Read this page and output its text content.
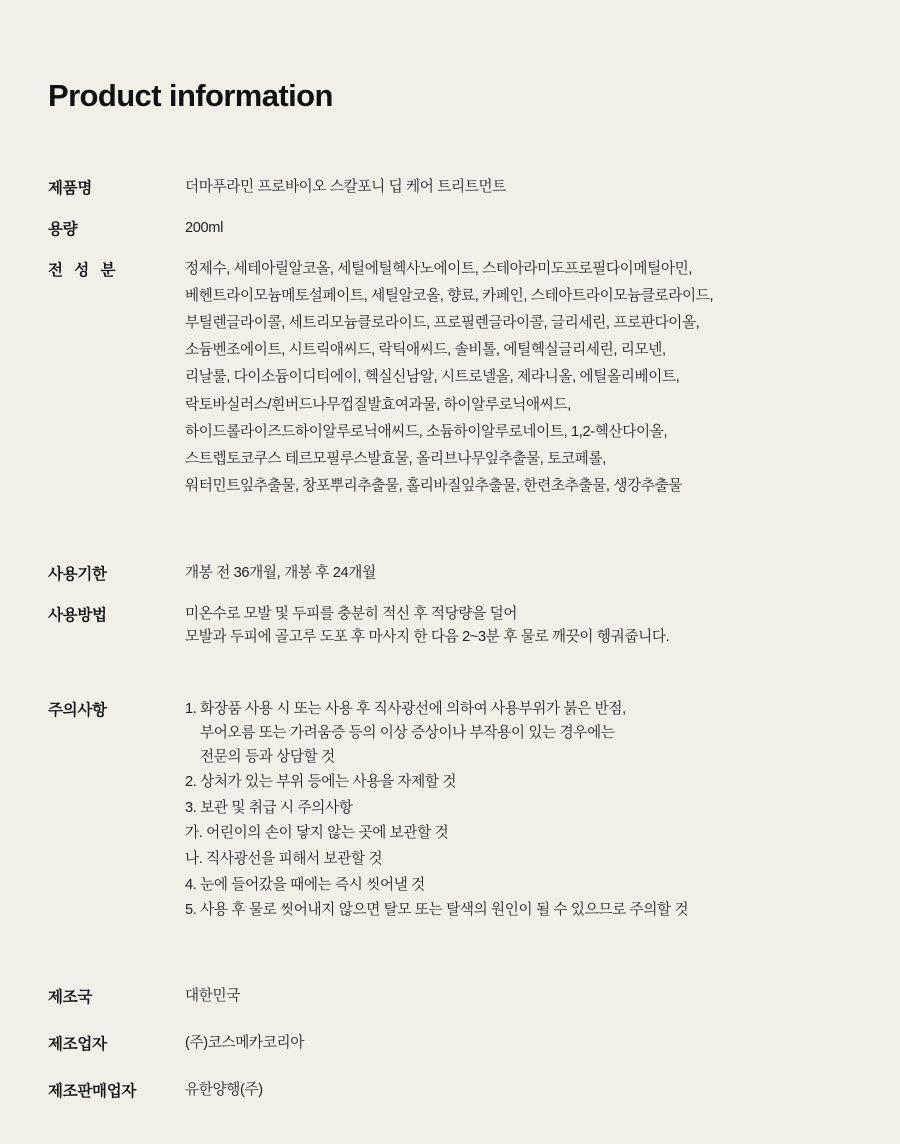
Product information
제품명	더마푸라민 프로바이오 스칼포니 딥 케어 트리트먼트
용량	200ml
전 성 분	정제수, 세테아릴알코올, 세틸에틸헥사노에이트, 스테아라미도프로필다이메틸아민,
베헨트라이모늄메토설페이트, 세틸알코올, 향료, 카페인, 스테아트라이모늄클로라이드,
부틸렌글라이콜, 세트리모늄클로라이드, 프로필렌글라이콜, 글리세린, 프로판다이올,
소듐벤조에이트, 시트릭애씨드, 락틱애씨드, 솔비톨, 에틸헥실글리세린, 리모넨,
리날룰, 다이소듐이디티에이, 헥실신남알, 시트로넬올, 제라니올, 에틸올리베이트,
락토바실러스/흰버드나무껍질발효여과물, 하이알루로닉애씨드,
하이드롤라이즈드하이알루로닉애씨드, 소듐하이알루로네이트, 1,2-헥산다이올,
스트렙토코쿠스 테르모필루스발효물, 올리브나무잎추출물, 토코페롤,
워터민트잎추출물, 창포뿌리추출물, 홀리바질잎추출물, 한련초추출물, 생강추출물
사용기한	개봉 전 36개월, 개봉 후 24개월
사용방법	미온수로 모발 및 두피를 충분히 적신 후 적당량을 덜어
모발과 두피에 골고루 도포 후 마사지 한 다음 2~3분 후 물로 깨끗이 헹궈줍니다.
주의사항	1. 화장품 사용 시 또는 사용 후 직사광선에 의하여 사용부위가 붉은 반점,
부어오름 또는 가려움증 등의 이상 증상이나 부작용이 있는 경우에는
전문의 등과 상담할 것
2. 상처가 있는 부위 등에는 사용을 자제할 것
3. 보관 및 취급 시 주의사항
가. 어린이의 손이 닿지 않는 곳에 보관할 것
나. 직사광선을 피해서 보관할 것
4. 눈에 들어갔을 때에는 즉시 씻어낼 것
5. 사용 후 물로 씻어내지 않으면 탈모 또는 탈색의 원인이 될 수 있으므로 주의할 것
제조국	대한민국
제조업자	(주)코스메카코리아
제조판매업자	유한양행(주)
